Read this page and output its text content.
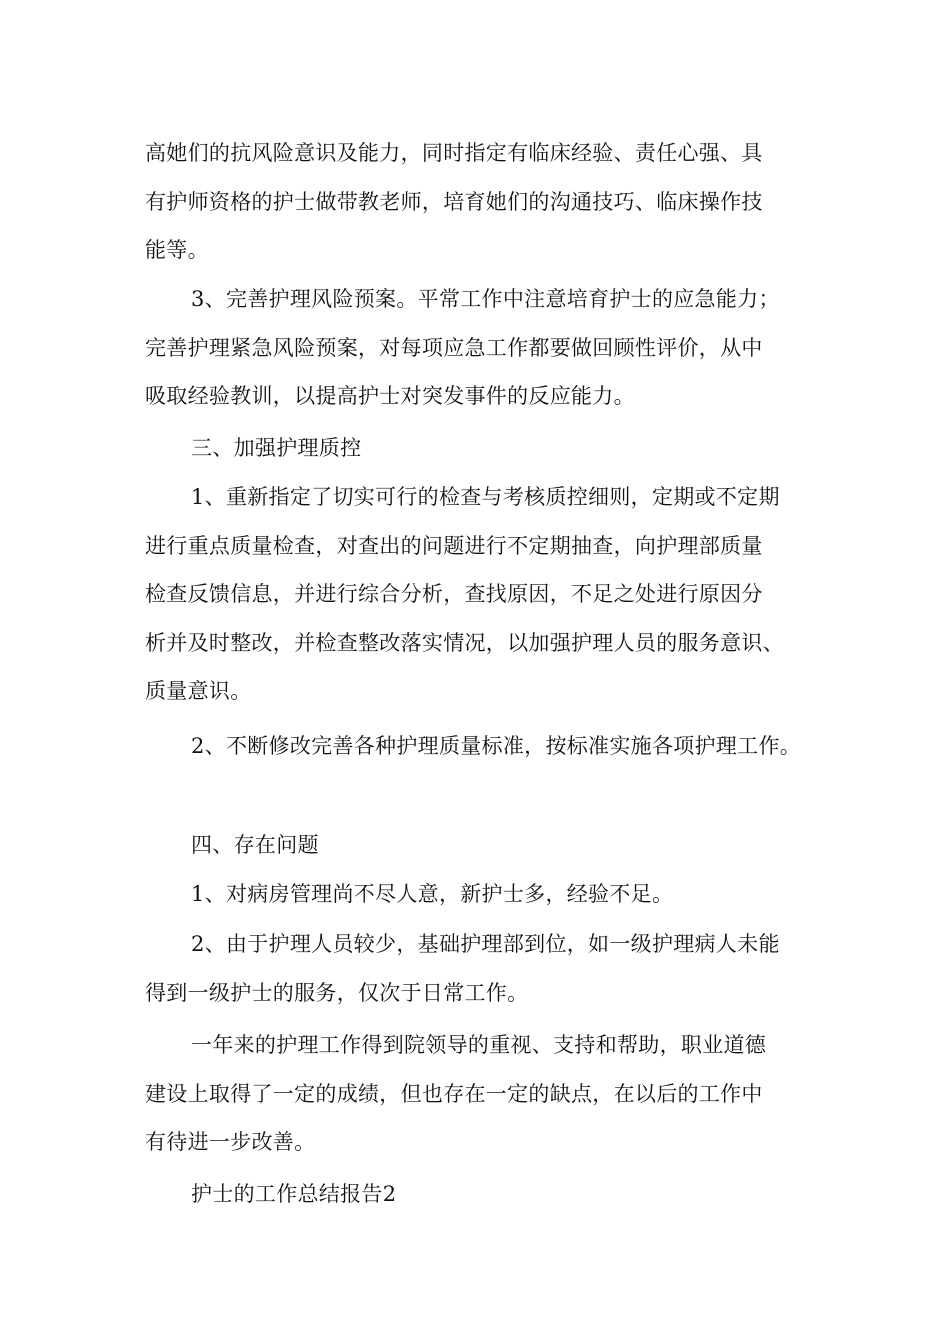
高她们的抗风险意识及能力，同时指定有临床经验、责任心强、具
有护师资格的护士做带教老师，培育她们的沟通技巧、临床操作技
能等。

3、完善护理风险预案。平常工作中注意培育护士的应急能力；
完善护理紧急风险预案，对每项应急工作都要做回顾性评价，从中
吸取经验教训，以提高护士对突发事件的反应能力。

三、加强护理质控

1、重新指定了切实可行的检查与考核质控细则，定期或不定期
进行重点质量检查，对查出的问题进行不定期抽查，向护理部质量
检查反馈信息，并进行综合分析，查找原因，不足之处进行原因分
析并及时整改，并检查整改落实情况，以加强护理人员的服务意识、
质量意识。

2、不断修改完善各种护理质量标准，按标准实施各项护理工作。

四、存在问题

1、对病房管理尚不尽人意，新护士多，经验不足。

2、由于护理人员较少，基础护理部到位，如一级护理病人未能
得到一级护士的服务，仅次于日常工作。

一年来的护理工作得到院领导的重视、支持和帮助，职业道德
建设上取得了一定的成绩，但也存在一定的缺点，在以后的工作中
有待进一步改善。

护士的工作总结报告2
